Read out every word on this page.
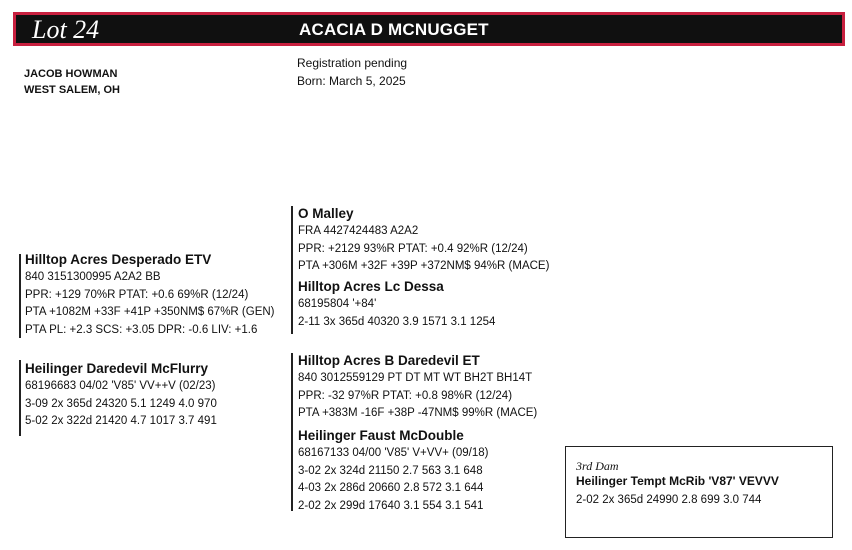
Lot 24	ACACIA D MCNUGGET
JACOB HOWMAN
WEST SALEM, OH
Registration pending
Born: March 5, 2025
Hilltop Acres Desperado ETV
840 3151300995 A2A2 BB
PPR: +129 70%R PTAT: +0.6 69%R (12/24)
PTA +1082M +33F +41P +350NM$ 67%R (GEN)
PTA PL: +2.3 SCS: +3.05 DPR: -0.6 LIV: +1.6
Heilinger Daredevil McFlurry
68196683 04/02 'V85' VV++V (02/23)
3-09 2x 365d 24320 5.1 1249 4.0 970
5-02 2x 322d 21420 4.7 1017 3.7 491
O Malley
FRA 4427424483 A2A2
PPR: +2129 93%R PTAT: +0.4 92%R (12/24)
PTA +306M +32F +39P +372NM$ 94%R (MACE)
Hilltop Acres Lc Dessa
68195804 '+84'
2-11 3x 365d 40320 3.9 1571 3.1 1254
Hilltop Acres B Daredevil ET
840 3012559129 PT DT MT WT BH2T BH14T
PPR: -32 97%R PTAT: +0.8 98%R (12/24)
PTA +383M -16F +38P -47NM$ 99%R (MACE)
Heilinger Faust McDouble
68167133 04/00 'V85' V+VV+ (09/18)
3-02 2x 324d 21150 2.7 563 3.1 648
4-03 2x 286d 20660 2.8 572 3.1 644
2-02 2x 299d 17640 3.1 554 3.1 541
3rd Dam
Heilinger Tempt McRib 'V87' VEVVV
2-02 2x 365d 24990 2.8 699 3.0 744
